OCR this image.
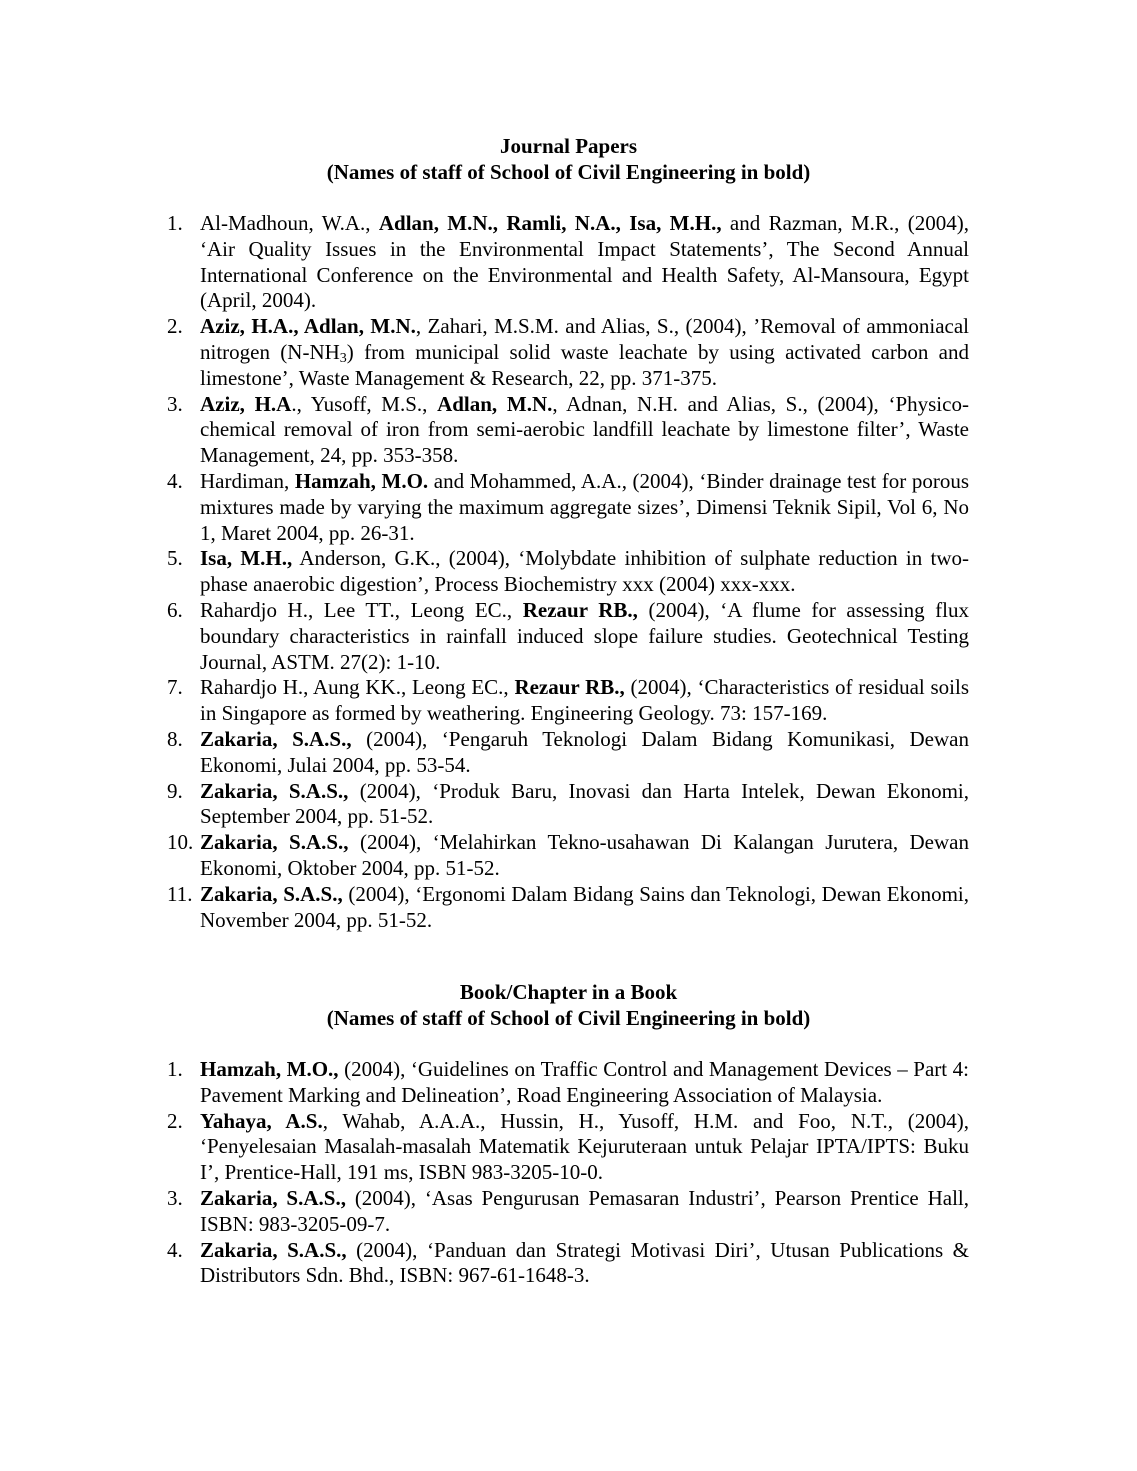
Journal Papers
(Names of staff of School of Civil Engineering in bold)
1. Al-Madhoun, W.A., Adlan, M.N., Ramli, N.A., Isa, M.H., and Razman, M.R., (2004), ‘Air Quality Issues in the Environmental Impact Statements’, The Second Annual International Conference on the Environmental and Health Safety, Al-Mansoura, Egypt (April, 2004).
2. Aziz, H.A., Adlan, M.N., Zahari, M.S.M. and Alias, S., (2004), ’Removal of ammoniacal nitrogen $(N-NH_3)$ from municipal solid waste leachate by using activated carbon and limestone’, Waste Management & Research, 22, pp. 371-375.
3. Aziz, H.A., Yusoff, M.S., Adlan, M.N., Adnan, N.H. and Alias, S., (2004), ‘Physico-chemical removal of iron from semi-aerobic landfill leachate by limestone filter’, Waste Management, 24, pp. 353-358.
4. Hardiman, Hamzah, M.O. and Mohammed, A.A., (2004), ‘Binder drainage test for porous mixtures made by varying the maximum aggregate sizes’, Dimensi Teknik Sipil, Vol 6, No 1, Maret 2004, pp. 26-31.
5. Isa, M.H., Anderson, G.K., (2004), ‘Molybdate inhibition of sulphate reduction in two-phase anaerobic digestion’, Process Biochemistry xxx (2004) xxx-xxx.
6. Rahardjo H., Lee TT., Leong EC., Rezaur RB., (2004), ‘A flume for assessing flux boundary characteristics in rainfall induced slope failure studies. Geotechnical Testing Journal, ASTM. 27(2): 1-10.
7. Rahardjo H., Aung KK., Leong EC., Rezaur RB., (2004), ‘Characteristics of residual soils in Singapore as formed by weathering. Engineering Geology. 73: 157-169.
8. Zakaria, S.A.S., (2004), ‘Pengaruh Teknologi Dalam Bidang Komunikasi, Dewan Ekonomi, Julai 2004, pp. 53-54.
9. Zakaria, S.A.S., (2004), ‘Produk Baru, Inovasi dan Harta Intelek, Dewan Ekonomi, September 2004, pp. 51-52.
10. Zakaria, S.A.S., (2004), ‘Melahirkan Tekno-usahawan Di Kalangan Jurutera, Dewan Ekonomi, Oktober 2004, pp. 51-52.
11. Zakaria, S.A.S., (2004), ‘Ergonomi Dalam Bidang Sains dan Teknologi, Dewan Ekonomi, November 2004, pp. 51-52.
Book/Chapter in a Book
(Names of staff of School of Civil Engineering in bold)
1. Hamzah, M.O., (2004), ‘Guidelines on Traffic Control and Management Devices – Part 4: Pavement Marking and Delineation’, Road Engineering Association of Malaysia.
2. Yahaya, A.S., Wahab, A.A.A., Hussin, H., Yusoff, H.M. and Foo, N.T., (2004), ‘Penyelesaian Masalah-masalah Matematik Kejuruteraan untuk Pelajar IPTA/IPTS: Buku I’, Prentice-Hall, 191 ms, ISBN 983-3205-10-0.
3. Zakaria, S.A.S., (2004), ‘Asas Pengurusan Pemasaran Industri’, Pearson Prentice Hall, ISBN: 983-3205-09-7.
4. Zakaria, S.A.S., (2004), ‘Panduan dan Strategi Motivasi Diri’, Utusan Publications & Distributors Sdn. Bhd., ISBN: 967-61-1648-3.
